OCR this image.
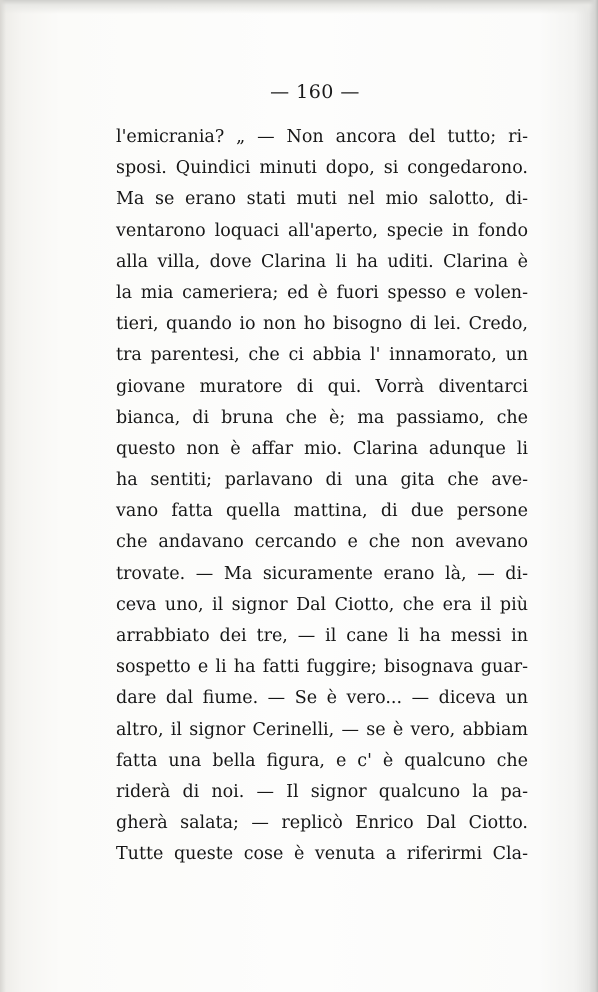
— 160 —
l'emicrania? „ — Non ancora del tutto; ri-
sposi. Quindici minuti dopo, si congedarono.
Ma se erano stati muti nel mio salotto, di-
ventarono loquaci all'aperto, specie in fondo
alla villa, dove Clarina li ha uditi. Clarina è
la mia cameriera; ed è fuori spesso e volen-
tieri, quando io non ho bisogno di lei. Credo,
tra parentesi, che ci abbia l' innamorato, un
giovane muratore di qui. Vorrà diventarci
bianca, di bruna che è; ma passiamo, che
questo non è affar mio. Clarina adunque li
ha sentiti; parlavano di una gita che ave-
vano fatta quella mattina, di due persone
che andavano cercando e che non avevano
trovate. — Ma sicuramente erano là, — di-
ceva uno, il signor Dal Ciotto, che era il più
arrabbiato dei tre, — il cane li ha messi in
sospetto e li ha fatti fuggire; bisognava guar-
dare dal fiume. — Se è vero... — diceva un
altro, il signor Cerinelli, — se è vero, abbiam
fatta una bella figura, e c' è qualcuno che
riderà di noi. — Il signor qualcuno la pa-
gherà salata; — replicò Enrico Dal Ciotto.
Tutte queste cose è venuta a riferirmi Cla-
